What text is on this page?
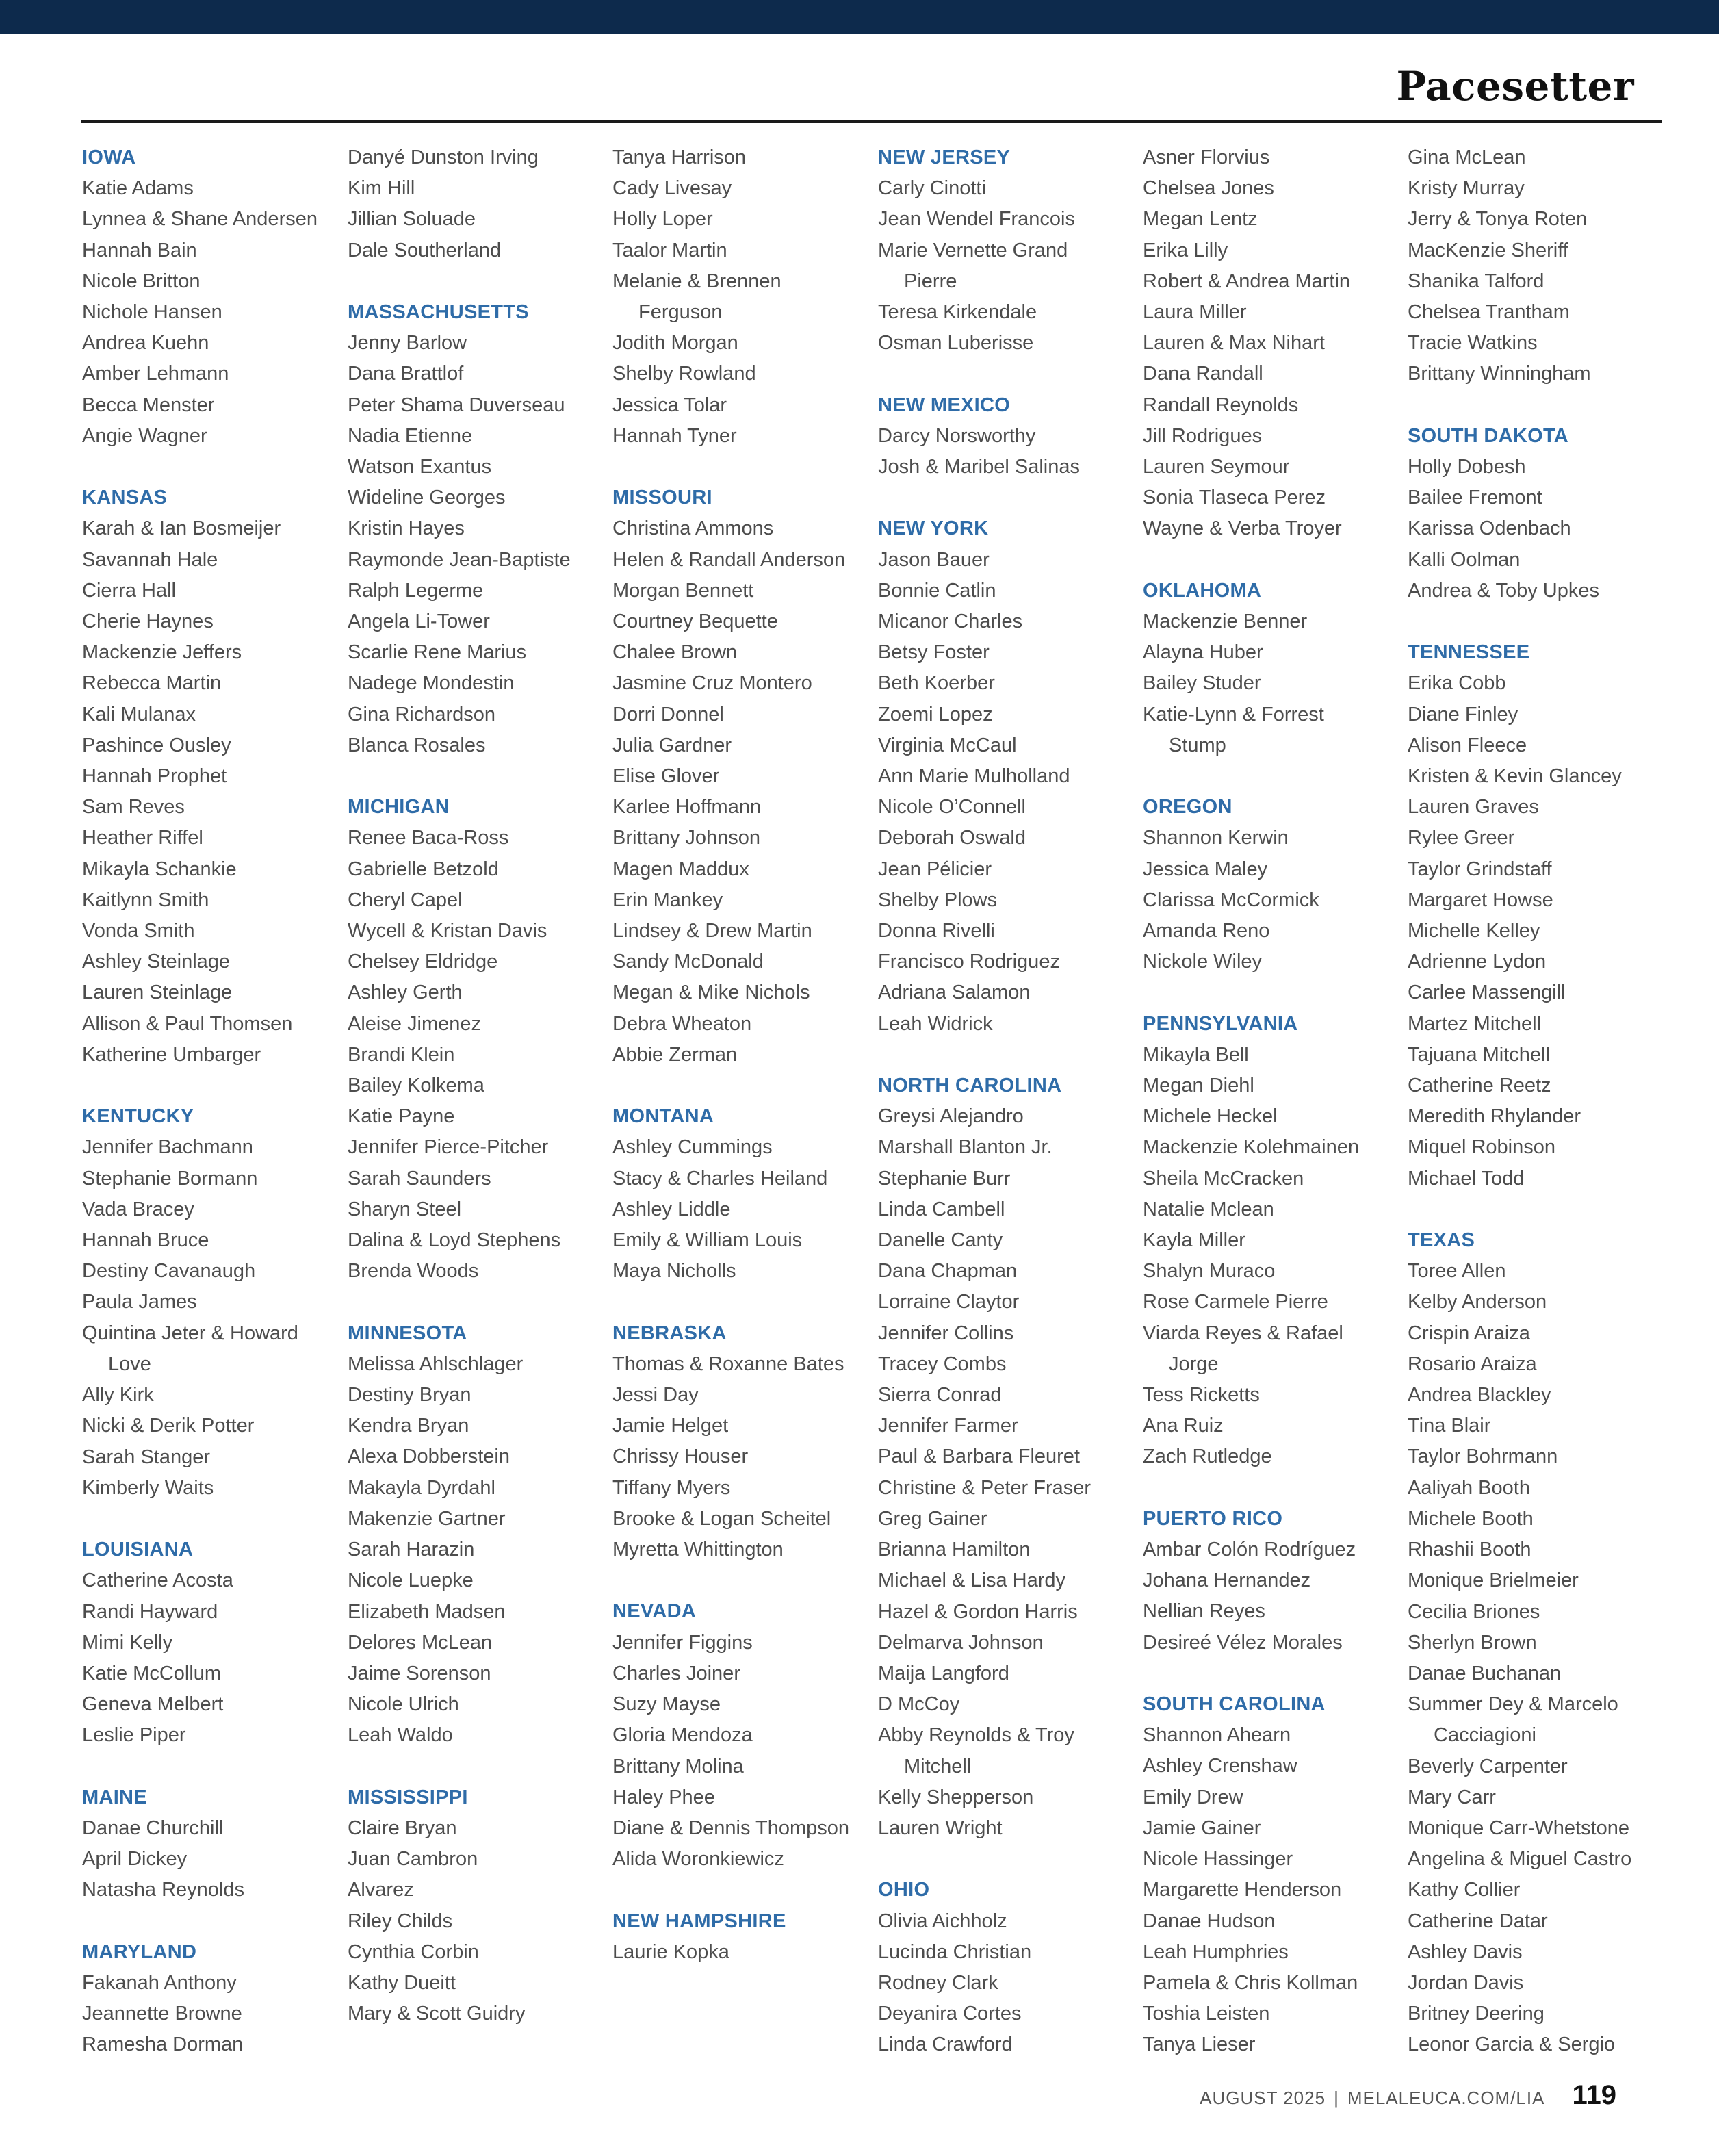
Pacesetter
IOWA
Katie Adams
Lynnea & Shane Andersen
Hannah Bain
Nicole Britton
Nichole Hansen
Andrea Kuehn
Amber Lehmann
Becca Menster
Angie Wagner
KANSAS
Karah & Ian Bosmeijer
Savannah Hale
Cierra Hall
Cherie Haynes
Mackenzie Jeffers
Rebecca Martin
Kali Mulanax
Pashince Ousley
Hannah Prophet
Sam Reves
Heather Riffel
Mikayla Schankie
Kaitlynn Smith
Vonda Smith
Ashley Steinlage
Lauren Steinlage
Allison & Paul Thomsen
Katherine Umbarger
KENTUCKY
Jennifer Bachmann
Stephanie Bormann
Vada Bracey
Hannah Bruce
Destiny Cavanaugh
Paula James
Quintina Jeter & Howard
Love
Ally Kirk
Nicki & Derik Potter
Sarah Stanger
Kimberly Waits
LOUISIANA
Catherine Acosta
Randi Hayward
Mimi Kelly
Katie McCollum
Geneva Melbert
Leslie Piper
MAINE
Danae Churchill
April Dickey
Natasha Reynolds
MARYLAND
Fakanah Anthony
Jeannette Browne
Ramesha Dorman
Danyé Dunston Irving
Kim Hill
Jillian Soluade
Dale Southerland
MASSACHUSETTS
Jenny Barlow
Dana Brattlof
Peter Shama Duverseau
Nadia Etienne
Watson Exantus
Wideline Georges
Kristin Hayes
Raymonde Jean-Baptiste
Ralph Legerme
Angela Li-Tower
Scarlie Rene Marius
Nadege Mondestin
Gina Richardson
Blanca Rosales
MICHIGAN
Renee Baca-Ross
Gabrielle Betzold
Cheryl Capel
Wycell & Kristan Davis
Chelsey Eldridge
Ashley Gerth
Aleise Jimenez
Brandi Klein
Bailey Kolkema
Katie Payne
Jennifer Pierce-Pitcher
Sarah Saunders
Sharyn Steel
Dalina & Loyd Stephens
Brenda Woods
MINNESOTA
Melissa Ahlschlager
Destiny Bryan
Kendra Bryan
Alexa Dobberstein
Makayla Dyrdahl
Makenzie Gartner
Sarah Harazin
Nicole Luepke
Elizabeth Madsen
Delores McLean
Jaime Sorenson
Nicole Ulrich
Leah Waldo
MISSISSIPPI
Claire Bryan
Juan Cambron
Alvarez
Riley Childs
Cynthia Corbin
Kathy Dueitt
Mary & Scott Guidry
Tanya Harrison
Cady Livesay
Holly Loper
Taalor Martin
Melanie & Brennen
Ferguson
Jodith Morgan
Shelby Rowland
Jessica Tolar
Hannah Tyner
MISSOURI
Christina Ammons
Helen & Randall Anderson
Morgan Bennett
Courtney Bequette
Chalee Brown
Jasmine Cruz Montero
Dorri Donnel
Julia Gardner
Elise Glover
Karlee Hoffmann
Brittany Johnson
Magen Maddux
Erin Mankey
Lindsey & Drew Martin
Sandy McDonald
Megan & Mike Nichols
Debra Wheaton
Abbie Zerman
MONTANA
Ashley Cummings
Stacy & Charles Heiland
Ashley Liddle
Emily & William Louis
Maya Nicholls
NEBRASKA
Thomas & Roxanne Bates
Jessi Day
Jamie Helget
Chrissy Houser
Tiffany Myers
Brooke & Logan Scheitel
Myretta Whittington
NEVADA
Jennifer Figgins
Charles Joiner
Suzy Mayse
Gloria Mendoza
Brittany Molina
Haley Phee
Diane & Dennis Thompson
Alida Woronkiewicz
NEW HAMPSHIRE
Laurie Kopka
NEW JERSEY
Carly Cinotti
Jean Wendel Francois
Marie Vernette Grand
Pierre
Teresa Kirkendale
Osman Luberisse
NEW MEXICO
Darcy Norsworthy
Josh & Maribel Salinas
NEW YORK
Jason Bauer
Bonnie Catlin
Micanor Charles
Betsy Foster
Beth Koerber
Zoemi Lopez
Virginia McCaul
Ann Marie Mulholland
Nicole O’Connell
Deborah Oswald
Jean Pélicier
Shelby Plows
Donna Rivelli
Francisco Rodriguez
Adriana Salamon
Leah Widrick
NORTH CAROLINA
Greysi Alejandro
Marshall Blanton Jr.
Stephanie Burr
Linda Cambell
Danelle Canty
Dana Chapman
Lorraine Claytor
Jennifer Collins
Tracey Combs
Sierra Conrad
Jennifer Farmer
Paul & Barbara Fleuret
Christine & Peter Fraser
Greg Gainer
Brianna Hamilton
Michael & Lisa Hardy
Hazel & Gordon Harris
Delmarva Johnson
Maija Langford
D McCoy
Abby Reynolds & Troy
Mitchell
Kelly Shepperson
Lauren Wright
OHIO
Olivia Aichholz
Lucinda Christian
Rodney Clark
Deyanira Cortes
Linda Crawford
Asner Florvius
Chelsea Jones
Megan Lentz
Erika Lilly
Robert & Andrea Martin
Laura Miller
Lauren & Max Nihart
Dana Randall
Randall Reynolds
Jill Rodrigues
Lauren Seymour
Sonia Tlaseca Perez
Wayne & Verba Troyer
OKLAHOMA
Mackenzie Benner
Alayna Huber
Bailey Studer
Katie-Lynn & Forrest
Stump
OREGON
Shannon Kerwin
Jessica Maley
Clarissa McCormick
Amanda Reno
Nickole Wiley
PENNSYLVANIA
Mikayla Bell
Megan Diehl
Michele Heckel
Mackenzie Kolehmainen
Sheila McCracken
Natalie Mclean
Kayla Miller
Shalyn Muraco
Rose Carmele Pierre
Viarda Reyes & Rafael
Jorge
Tess Ricketts
Ana Ruiz
Zach Rutledge
PUERTO RICO
Ambar Colón Rodríguez
Johana Hernandez
Nellian Reyes
Desireé Vélez Morales
SOUTH CAROLINA
Shannon Ahearn
Ashley Crenshaw
Emily Drew
Jamie Gainer
Nicole Hassinger
Margarette Henderson
Danae Hudson
Leah Humphries
Pamela & Chris Kollman
Toshia Leisten
Tanya Lieser
Gina McLean
Kristy Murray
Jerry & Tonya Roten
MacKenzie Sheriff
Shanika Talford
Chelsea Trantham
Tracie Watkins
Brittany Winningham
SOUTH DAKOTA
Holly Dobesh
Bailee Fremont
Karissa Odenbach
Kalli Oolman
Andrea & Toby Upkes
TENNESSEE
Erika Cobb
Diane Finley
Alison Fleece
Kristen & Kevin Glancey
Lauren Graves
Rylee Greer
Taylor Grindstaff
Margaret Howse
Michelle Kelley
Adrienne Lydon
Carlee Massengill
Martez Mitchell
Tajuana Mitchell
Catherine Reetz
Meredith Rhylander
Miquel Robinson
Michael Todd
TEXAS
Toree Allen
Kelby Anderson
Crispin Araiza
Rosario Araiza
Andrea Blackley
Tina Blair
Taylor Bohrmann
Aaliyah Booth
Michele Booth
Rhashii Booth
Monique Brielmeier
Cecilia Briones
Sherlyn Brown
Danae Buchanan
Summer Dey & Marcelo
Cacciagioni
Beverly Carpenter
Mary Carr
Monique Carr-Whetstone
Angelina & Miguel Castro
Kathy Collier
Catherine Datar
Ashley Davis
Jordan Davis
Britney Deering
Leonor Garcia & Sergio
AUGUST 2025 | MELALEUCA.COM/LIA 119
